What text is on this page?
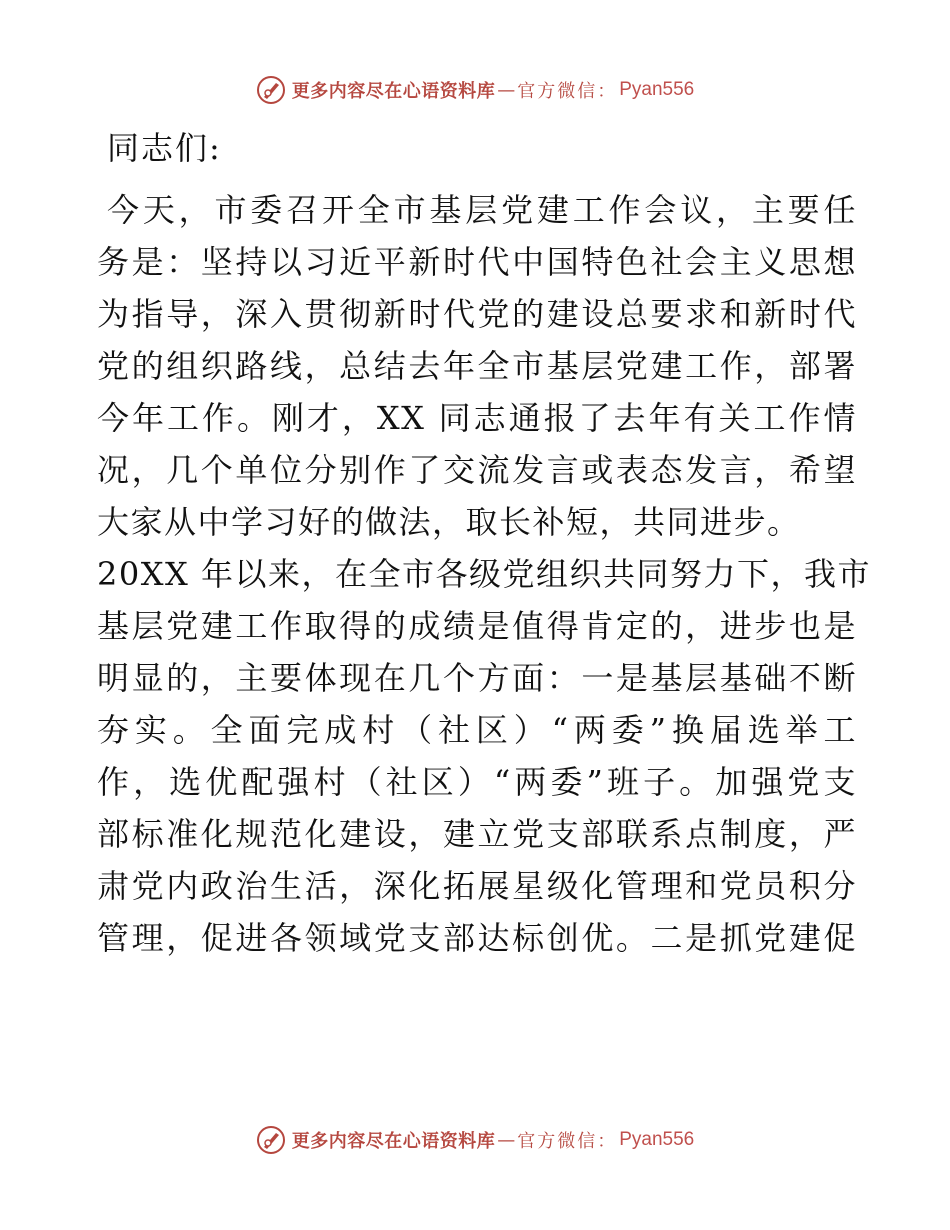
更多内容尽在心语资料库 — 官方微信： Pyan556
同志们:
今天，市委召开全市基层党建工作会议，主要任
务是：坚持以习近平新时代中国特色社会主义思想
为指导，深入贯彻新时代党的建设总要求和新时代
党的组织路线，总结去年全市基层党建工作，部署
今年工作。刚才，XX 同志通报了去年有关工作情
况，几个单位分别作了交流发言或表态发言，希望
大家从中学习好的做法，取长补短，共同进步。
20XX 年以来，在全市各级党组织共同努力下，我市
基层党建工作取得的成绩是值得肯定的，进步也是
明显的，主要体现在几个方面：一是基层基础不断
夯实。全面完成村（社区）“两委”换届选举工
作，选优配强村（社区）“两委”班子。加强党支
部标准化规范化建设，建立党支部联系点制度，严
肃党内政治生活，深化拓展星级化管理和党员积分
管理，促进各领域党支部达标创优。二是抓党建促
更多内容尽在心语资料库 — 官方微信： Pyan556
